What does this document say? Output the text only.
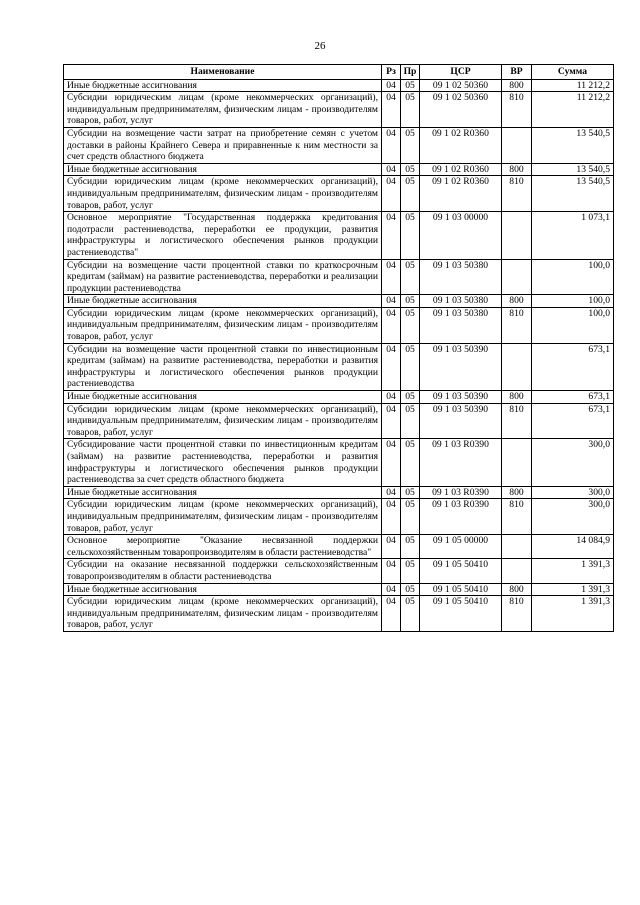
26
Наименование	Рз	Пр	ЦСР	ВР	Сумма
Иные бюджетные ассигнования	04	05	09 1 02 50360	800	11 212,2
Субсидии юридическим лицам (кроме некоммерческих организаций), индивидуальным предпринимателям, физическим лицам - производителям товаров, работ, услуг	04	05	09 1 02 50360	810	11 212,2
Субсидии на возмещение части затрат на приобретение семян с учетом доставки в районы Крайнего Севера и приравненные к ним местности за счет средств областного бюджета	04	05	09 1 02 R0360		13 540,5
Иные бюджетные ассигнования	04	05	09 1 02 R0360	800	13 540,5
Субсидии юридическим лицам (кроме некоммерческих организаций), индивидуальным предпринимателям, физическим лицам - производителям товаров, работ, услуг	04	05	09 1 02 R0360	810	13 540,5
Основное мероприятие "Государственная поддержка кредитования подотрасли растениеводства, переработки ее продукции, развития инфраструктуры и логистического обеспечения рынков продукции растениеводства"	04	05	09 1 03 00000		1 073,1
Субсидии на возмещение части процентной ставки по краткосрочным кредитам (займам) на развитие растениеводства, переработки и реализации продукции растениеводства	04	05	09 1 03 50380		100,0
Иные бюджетные ассигнования	04	05	09 1 03 50380	800	100,0
Субсидии юридическим лицам (кроме некоммерческих организаций), индивидуальным предпринимателям, физическим лицам - производителям товаров, работ, услуг	04	05	09 1 03 50380	810	100,0
Субсидии на возмещение части процентной ставки по инвестиционным кредитам (займам) на развитие растениеводства, переработки и развития инфраструктуры и логистического обеспечения рынков продукции растениеводства	04	05	09 1 03 50390		673,1
Иные бюджетные ассигнования	04	05	09 1 03 50390	800	673,1
Субсидии юридическим лицам (кроме некоммерческих организаций), индивидуальным предпринимателям, физическим лицам - производителям товаров, работ, услуг	04	05	09 1 03 50390	810	673,1
Субсидирование части процентной ставки по инвестиционным кредитам (займам) на развитие растениеводства, переработки и развития инфраструктуры и логистического обеспечения рынков продукции растениеводства за счет средств областного бюджета	04	05	09 1 03 R0390		300,0
Иные бюджетные ассигнования	04	05	09 1 03 R0390	800	300,0
Субсидии юридическим лицам (кроме некоммерческих организаций), индивидуальным предпринимателям, физическим лицам - производителям товаров, работ, услуг	04	05	09 1 03 R0390	810	300,0
Основное мероприятие "Оказание несвязанной поддержки сельскохозяйственным товаропроизводителям в области растениеводства"	04	05	09 1 05 00000		14 084,9
Субсидии на оказание несвязанной поддержки сельскохозяйственным товаропроизводителям в области растениеводства	04	05	09 1 05 50410		1 391,3
Иные бюджетные ассигнования	04	05	09 1 05 50410	800	1 391,3
Субсидии юридическим лицам (кроме некоммерческих организаций), индивидуальным предпринимателям, физическим лицам - производителям товаров, работ, услуг	04	05	09 1 05 50410	810	1 391,3
